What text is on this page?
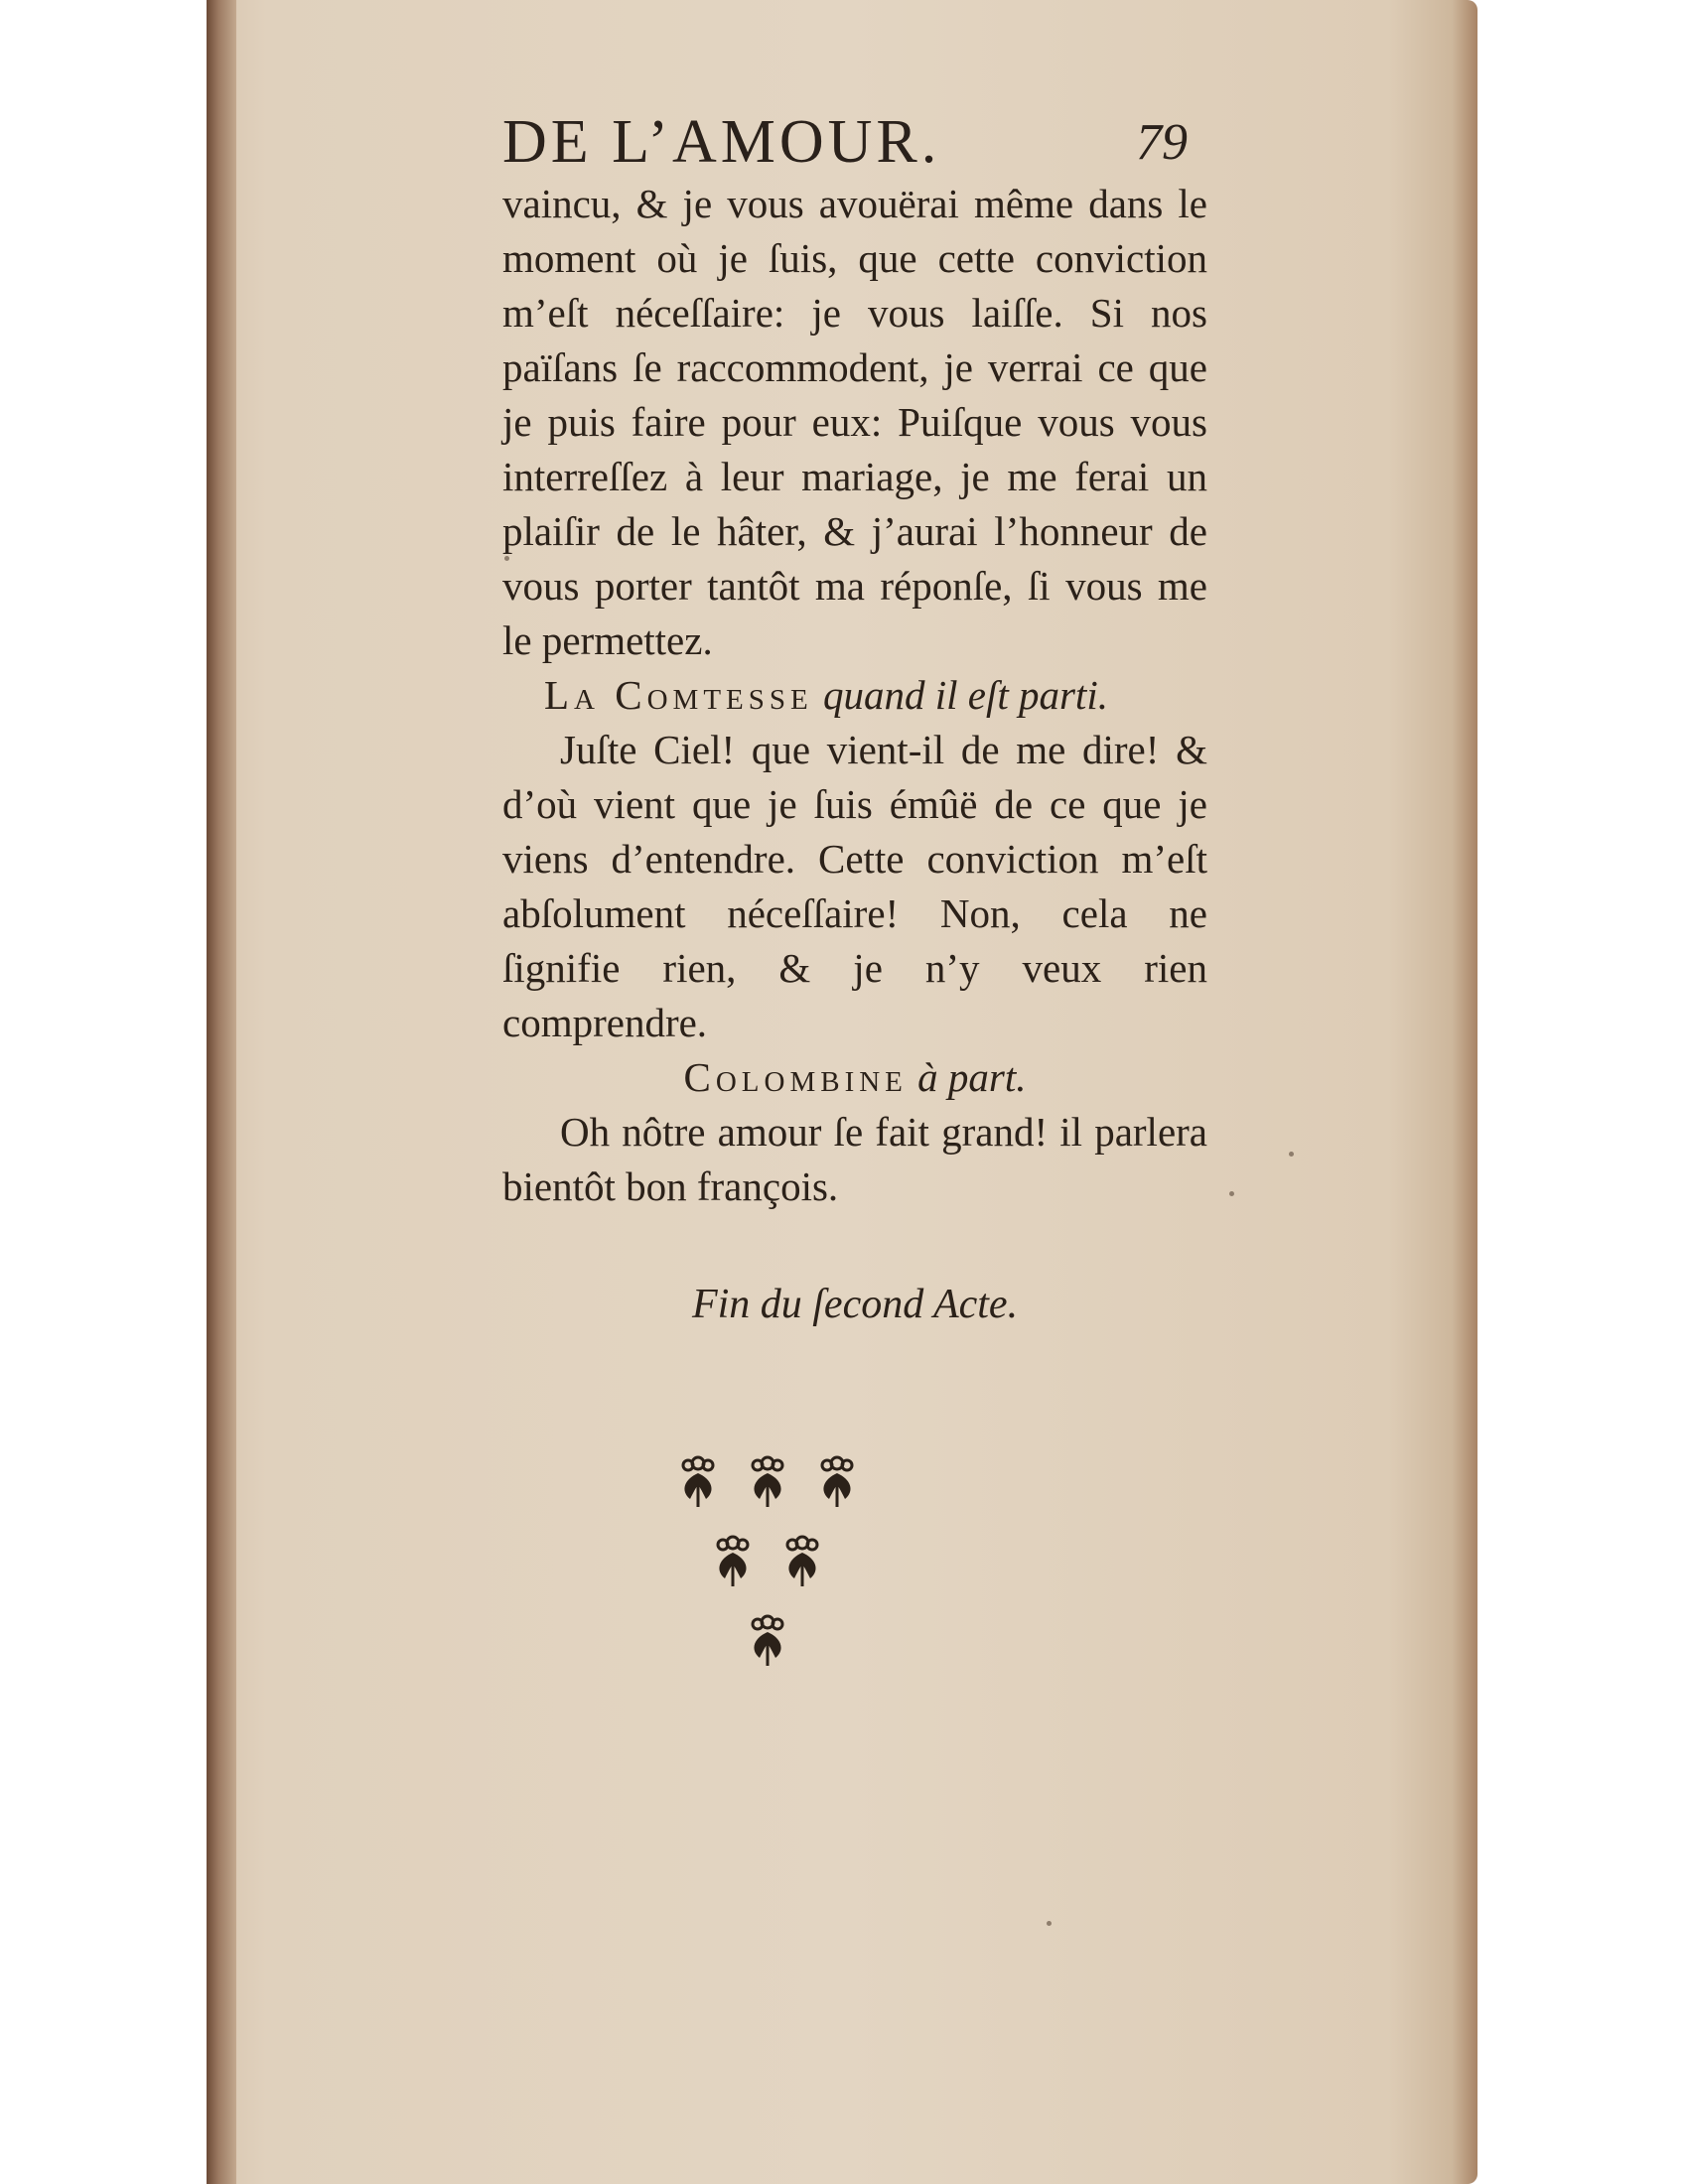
DE L’AMOUR.	79

vaincu, & je vous avouërai même dans le moment où je ſuis, que cette conviction m’eſt néceſſaire: je vous laiſſe. Si nos païſans ſe raccommodent, je verrai ce que je puis faire pour eux: Puiſque vous vous interreſſez à leur mariage, je me ferai un plaiſir de le hâter, & j’aurai l’honneur de vous porter tantôt ma réponſe, ſi vous me le permettez.

La Comtesse quand il eſt parti.

Juſte Ciel! que vient-il de me dire! & d’où vient que je ſuis émûë de ce que je viens d’entendre. Cette conviction m’eſt abſolument néceſſaire! Non, cela ne ſignifie rien, & je n’y veux rien comprendre.

Colombine à part.

Oh nôtre amour ſe fait grand! il parlera bientôt bon françois.

Fin du ſecond Acte.
